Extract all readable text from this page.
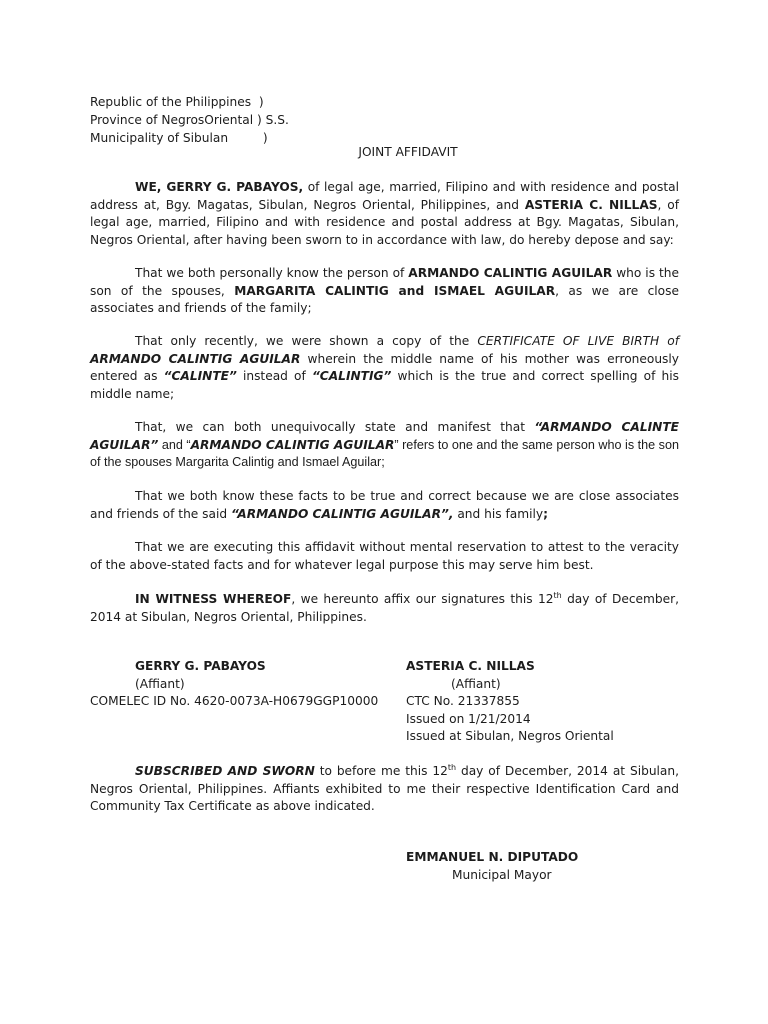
Republic of the Philippines  )
Province of NegrosOriental ) S.S.
Municipality of Sibulan         )
JOINT AFFIDAVIT

WE, GERRY G. PABAYOS, of legal age, married, Filipino and with residence and postal address at, Bgy. Magatas, Sibulan, Negros Oriental, Philippines, and ASTERIA C. NILLAS, of legal age, married, Filipino and with residence and postal address at Bgy. Magatas, Sibulan, Negros Oriental, after having been sworn to in accordance with law, do hereby depose and say:

That we both personally know the person of ARMANDO CALINTIG AGUILAR who is the son of the spouses, MARGARITA CALINTIG and ISMAEL AGUILAR, as we are close associates and friends of the family;

That only recently, we were shown a copy of the CERTIFICATE OF LIVE BIRTH of ARMANDO CALINTIG AGUILAR wherein the middle name of his mother was erroneously entered as “CALINTE” instead of “CALINTIG” which is the true and correct spelling of his middle name;

That, we can both unequivocally state and manifest that “ARMANDO CALINTE AGUILAR” and “ARMANDO CALINTIG AGUILAR” refers to one and the same person who is the son of the spouses Margarita Calintig and Ismael Aguilar;

That we both know these facts to be true and correct because we are close associates and friends of the said “ARMANDO CALINTIG AGUILAR”, and his family;

That we are executing this affidavit without mental reservation to attest to the veracity of the above-stated facts and for whatever legal purpose this may serve him best.

IN WITNESS WHEREOF, we hereunto affix our signatures this 12th day of December, 2014 at Sibulan, Negros Oriental, Philippines.

GERRY G. PABAYOS
(Affiant)
COMELEC ID No. 4620-0073A-H0679GGP10000
ASTERIA C. NILLAS
(Affiant)
CTC No. 21337855
Issued on 1/21/2014
Issued at Sibulan, Negros Oriental

SUBSCRIBED AND SWORN to before me this 12th day of December, 2014 at Sibulan, Negros Oriental, Philippines. Affiants exhibited to me their respective Identification Card and Community Tax Certificate as above indicated.

EMMANUEL N. DIPUTADO
Municipal Mayor
